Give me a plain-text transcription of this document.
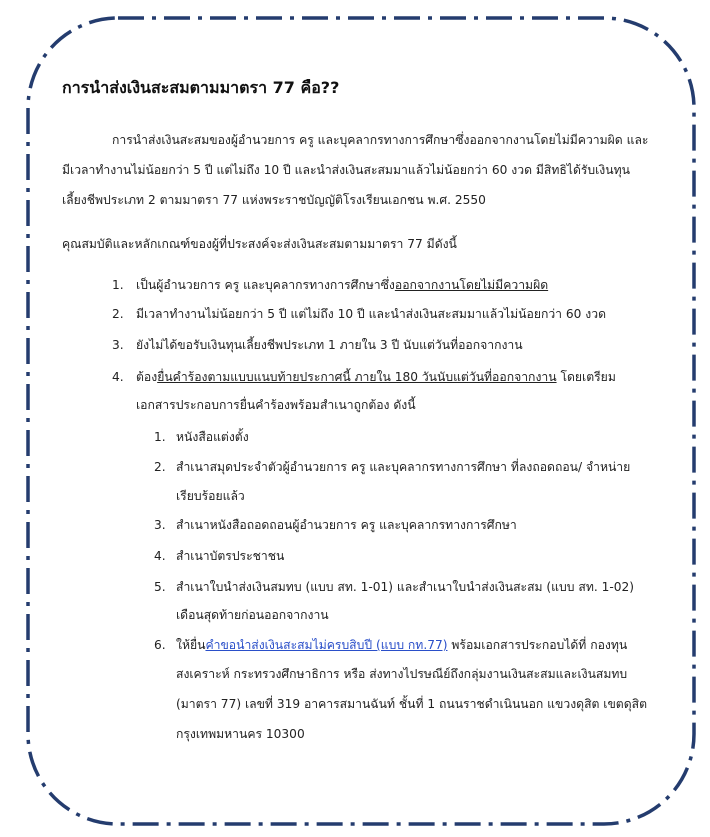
การนำส่งเงินสะสมตามมาตรา 77 คือ??
การนำส่งเงินสะสมของผู้อำนวยการ ครู และบุคลากรทางการศึกษาซึ่งออกจากงานโดยไม่มีความผิด และ
มีเวลาทำงานไม่น้อยกว่า 5 ปี แต่ไม่ถึง 10 ปี และนำส่งเงินสะสมมาแล้วไม่น้อยกว่า 60 งวด มีสิทธิได้รับเงินทุน
เลี้ยงชีพประเภท 2 ตามมาตรา 77 แห่งพระราชบัญญัติโรงเรียนเอกชน พ.ศ. 2550
คุณสมบัติและหลักเกณฑ์ของผู้ที่ประสงค์จะส่งเงินสะสมตามมาตรา 77 มีดังนี้
1. เป็นผู้อำนวยการ ครู และบุคลากรทางการศึกษาซึ่งออกจากงานโดยไม่มีความผิด
2. มีเวลาทำงานไม่น้อยกว่า 5 ปี แต่ไม่ถึง 10 ปี และนำส่งเงินสะสมมาแล้วไม่น้อยกว่า 60 งวด
3. ยังไม่ได้ขอรับเงินทุนเลี้ยงชีพประเภท 1 ภายใน 3 ปี นับแต่วันที่ออกจากงาน
4. ต้องยื่นคำร้องตามแบบแนบท้ายประกาศนี้ ภายใน 180 วันนับแต่วันที่ออกจากงาน โดยเตรียม
เอกสารประกอบการยื่นคำร้องพร้อมสำเนาถูกต้อง ดังนี้
1. หนังสือแต่งตั้ง
2. สำเนาสมุดประจำตัวผู้อำนวยการ ครู และบุคลากรทางการศึกษา ที่ลงถอดถอน/ จำหน่าย
เรียบร้อยแล้ว
3. สำเนาหนังสือถอดถอนผู้อำนวยการ ครู และบุคลากรทางการศึกษา
4. สำเนาบัตรประชาชน
5. สำเนาใบนำส่งเงินสมทบ (แบบ สท. 1-01) และสำเนาใบนำส่งเงินสะสม (แบบ สท. 1-02)
เดือนสุดท้ายก่อนออกจากงาน
6. ให้ยื่นคำขอนำส่งเงินสะสมไม่ครบสิบปี (แบบ กท.77) พร้อมเอกสารประกอบได้ที่ กองทุน
สงเคราะห์ กระทรวงศึกษาธิการ หรือ ส่งทางไปรษณีย์ถึงกลุ่มงานเงินสะสมและเงินสมทบ
(มาตรา 77) เลขที่ 319 อาคารสมานฉันท์ ชั้นที่ 1 ถนนราชดำเนินนอก แขวงดุสิต เขตดุสิต
กรุงเทพมหานคร 10300
